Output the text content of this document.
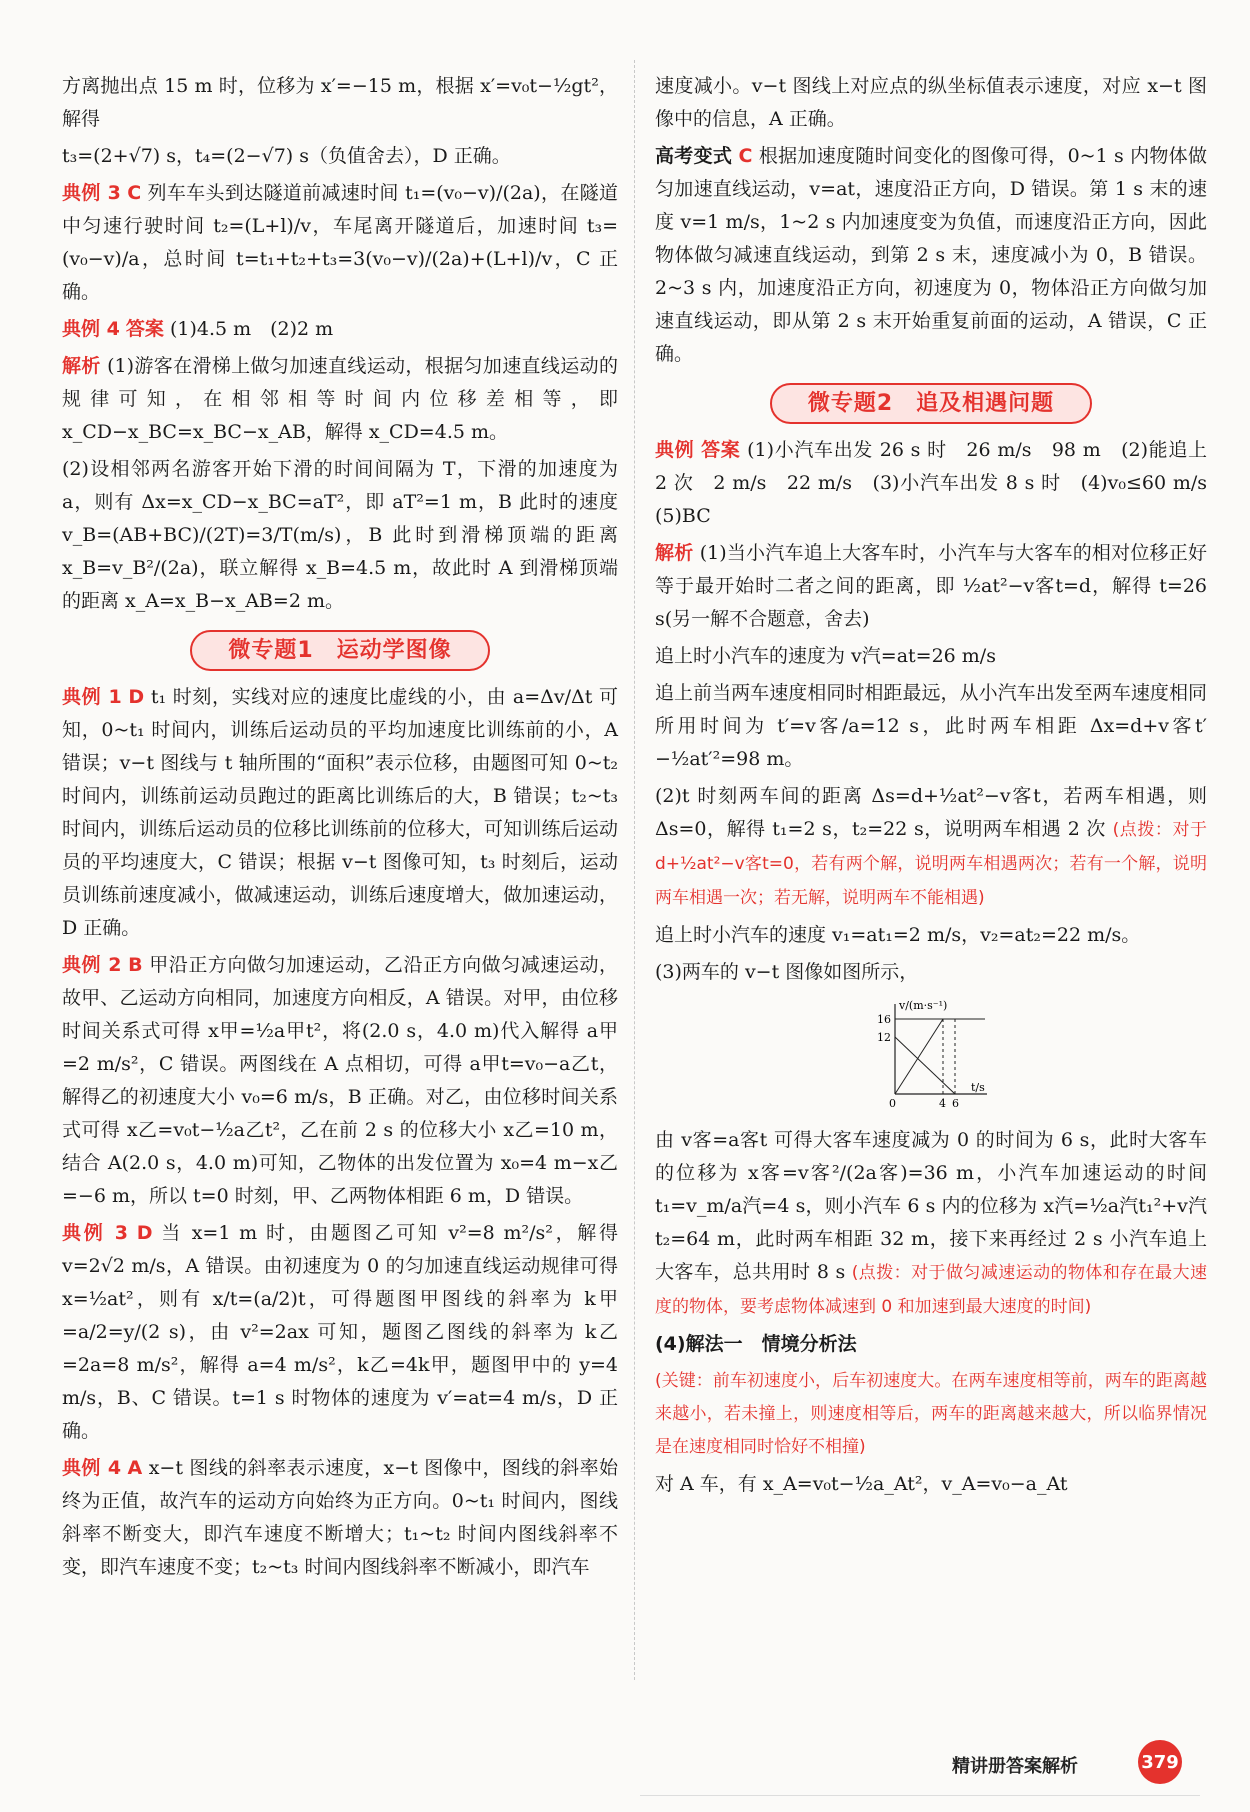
方离抛出点 15 m 时，位移为 x′=−15 m，根据 x′=v₀t−½gt²，解得

t₃=(2+√7) s，t₄=(2−√7) s（负值舍去），D 正确。

典例 3 C 列车车头到达隧道前减速时间 t₁=(v₀−v)/(2a)，在隧道中匀速行驶时间 t₂=(L+l)/v，车尾离开隧道后，加速时间 t₃=(v₀−v)/a，总时间 t=t₁+t₂+t₃=3(v₀−v)/(2a)+(L+l)/v，C 正确。

典例 4 答案 (1)4.5 m　(2)2 m

解析 (1)游客在滑梯上做匀加速直线运动，根据匀加速直线运动的规律可知，在相邻相等时间内位移差相等，即 x_CD−x_BC=x_BC−x_AB，解得 x_CD=4.5 m。

(2)设相邻两名游客开始下滑的时间间隔为 T，下滑的加速度为 a，则有 Δx=x_CD−x_BC=aT²，即 aT²=1 m，B 此时的速度 v_B=(AB+BC)/(2T)=3/T(m/s)，B 此时到滑梯顶端的距离 x_B=v_B²/(2a)，联立解得 x_B=4.5 m，故此时 A 到滑梯顶端的距离 x_A=x_B−x_AB=2 m。

微专题1　运动学图像

典例 1 D t₁ 时刻，实线对应的速度比虚线的小，由 a=Δv/Δt 可知，0~t₁ 时间内，训练后运动员的平均加速度比训练前的小，A 错误；v−t 图线与 t 轴所围的“面积”表示位移，由题图可知 0~t₂ 时间内，训练前运动员跑过的距离比训练后的大，B 错误；t₂~t₃ 时间内，训练后运动员的位移比训练前的位移大，可知训练后运动员的平均速度大，C 错误；根据 v−t 图像可知，t₃ 时刻后，运动员训练前速度减小，做减速运动，训练后速度增大，做加速运动，D 正确。

典例 2 B 甲沿正方向做匀加速运动，乙沿正方向做匀减速运动，故甲、乙运动方向相同，加速度方向相反，A 错误。对甲，由位移时间关系式可得 x甲=½a甲t²，将(2.0 s，4.0 m)代入解得 a甲=2 m/s²，C 错误。两图线在 A 点相切，可得 a甲t=v₀−a乙t，解得乙的初速度大小 v₀=6 m/s，B 正确。对乙，由位移时间关系式可得 x乙=v₀t−½a乙t²，乙在前 2 s 的位移大小 x乙=10 m，结合 A(2.0 s，4.0 m)可知，乙物体的出发位置为 x₀=4 m−x乙=−6 m，所以 t=0 时刻，甲、乙两物体相距 6 m，D 错误。

典例 3 D 当 x=1 m 时，由题图乙可知 v²=8 m²/s²，解得 v=2√2 m/s，A 错误。由初速度为 0 的匀加速直线运动规律可得 x=½at²，则有 x/t=(a/2)t，可得题图甲图线的斜率为 k甲=a/2=y/(2 s)，由 v²=2ax 可知，题图乙图线的斜率为 k乙=2a=8 m/s²，解得 a=4 m/s²，k乙=4k甲，题图甲中的 y=4 m/s，B、C 错误。t=1 s 时物体的速度为 v′=at=4 m/s，D 正确。

典例 4 A x−t 图线的斜率表示速度，x−t 图像中，图线的斜率始终为正值，故汽车的运动方向始终为正方向。0~t₁ 时间内，图线斜率不断变大，即汽车速度不断增大；t₁~t₂ 时间内图线斜率不变，即汽车速度不变；t₂~t₃ 时间内图线斜率不断减小，即汽车

速度减小。v−t 图线上对应点的纵坐标值表示速度，对应 x−t 图像中的信息，A 正确。

高考变式 C 根据加速度随时间变化的图像可得，0~1 s 内物体做匀加速直线运动，v=at，速度沿正方向，D 错误。第 1 s 末的速度 v=1 m/s，1~2 s 内加速度变为负值，而速度沿正方向，因此物体做匀减速直线运动，到第 2 s 末，速度减小为 0，B 错误。2~3 s 内，加速度沿正方向，初速度为 0，物体沿正方向做匀加速直线运动，即从第 2 s 末开始重复前面的运动，A 错误，C 正确。

微专题2　追及相遇问题

典例 答案 (1)小汽车出发 26 s 时　26 m/s　98 m　(2)能追上　2 次　2 m/s　22 m/s　(3)小汽车出发 8 s 时　(4)v₀≤60 m/s　(5)BC

解析 (1)当小汽车追上大客车时，小汽车与大客车的相对位移正好等于最开始时二者之间的距离，即 ½at²−v客t=d，解得 t=26 s(另一解不合题意，舍去)

追上时小汽车的速度为 v汽=at=26 m/s

追上前当两车速度相同时相距最远，从小汽车出发至两车速度相同所用时间为 t′=v客/a=12 s，此时两车相距 Δx=d+v客t′−½at′²=98 m。

(2)t 时刻两车间的距离 Δs=d+½at²−v客t，若两车相遇，则 Δs=0，解得 t₁=2 s，t₂=22 s，说明两车相遇 2 次 (点拨：对于 d+½at²−v客t=0，若有两个解，说明两车相遇两次；若有一个解，说明两车相遇一次；若无解，说明两车不能相遇)

追上时小汽车的速度 v₁=at₁=2 m/s，v₂=at₂=22 m/s。

(3)两车的 v−t 图像如图所示，

v/(m·s⁻¹)
16
12
0	4 6
t/s

由 v客=a客t 可得大客车速度减为 0 的时间为 6 s，此时大客车的位移为 x客=v客²/(2a客)=36 m，小汽车加速运动的时间 t₁=v_m/a汽=4 s，则小汽车 6 s 内的位移为 x汽=½a汽t₁²+v汽t₂=64 m，此时两车相距 32 m，接下来再经过 2 s 小汽车追上大客车，总共用时 8 s (点拨：对于做匀减速运动的物体和存在最大速度的物体，要考虑物体减速到 0 和加速到最大速度的时间)

(4)解法一　情境分析法

(关键：前车初速度小，后车初速度大。在两车速度相等前，两车的距离越来越小，若未撞上，则速度相等后，两车的距离越来越大，所以临界情况是在速度相同时恰好不相撞)

对 A 车，有 x_A=v₀t−½a_At²，v_A=v₀−a_At

精讲册答案解析	379
